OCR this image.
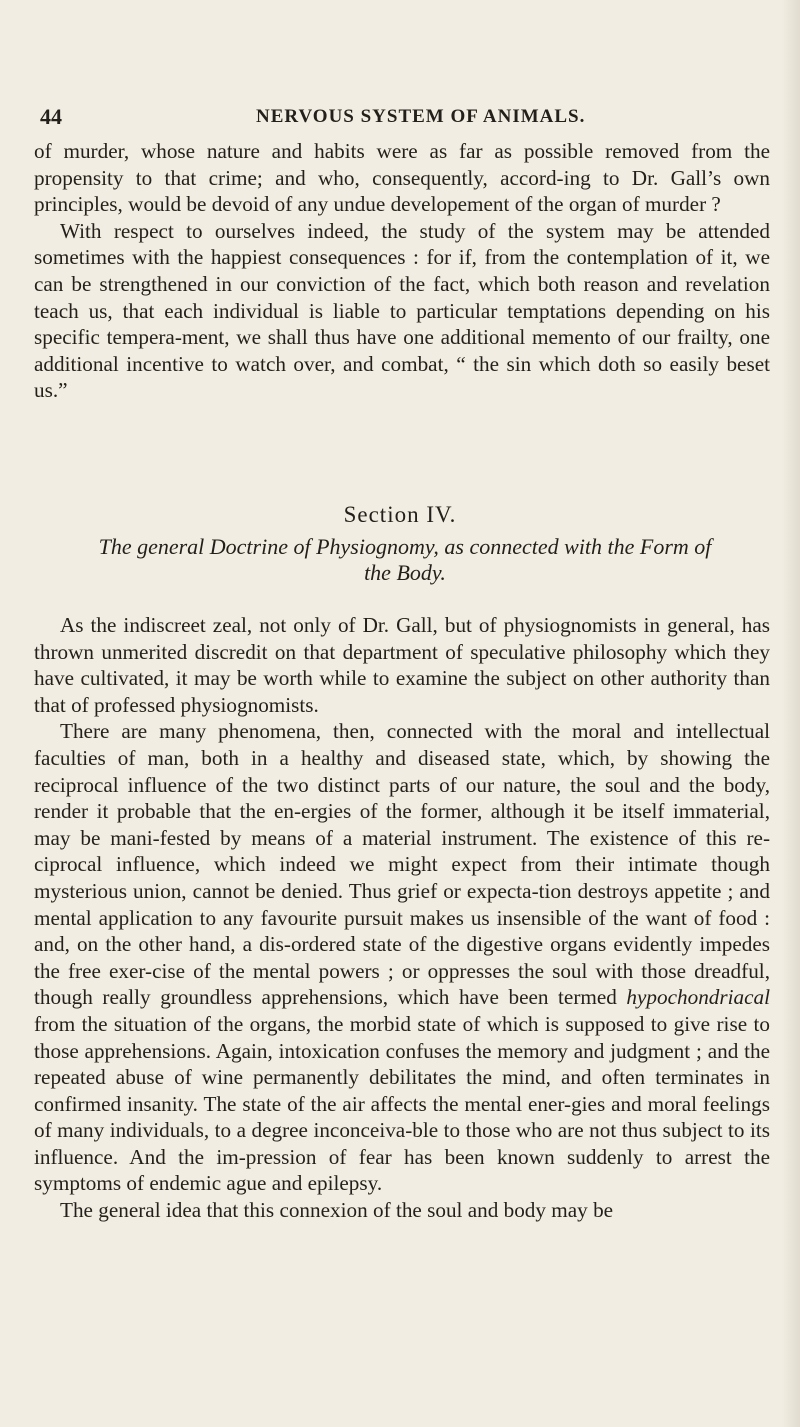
44	NERVOUS SYSTEM OF ANIMALS.

of murder, whose nature and habits were as far as possible removed from the propensity to that crime; and who, consequently, accord-ing to Dr. Gall’s own principles, would be devoid of any undue developement of the organ of murder ?

With respect to ourselves indeed, the study of the system may be attended sometimes with the happiest consequences : for if, from the contemplation of it, we can be strengthened in our conviction of the fact, which both reason and revelation teach us, that each individual is liable to particular temptations depending on his specific tempera-ment, we shall thus have one additional memento of our frailty, one additional incentive to watch over, and combat, “ the sin which doth so easily beset us.”

Section IV.
The general Doctrine of Physiognomy, as connected with the Form of
the Body.

As the indiscreet zeal, not only of Dr. Gall, but of physiognomists in general, has thrown unmerited discredit on that department of speculative philosophy which they have cultivated, it may be worth while to examine the subject on other authority than that of professed physiognomists.

There are many phenomena, then, connected with the moral and intellectual faculties of man, both in a healthy and diseased state, which, by showing the reciprocal influence of the two distinct parts of our nature, the soul and the body, render it probable that the en-ergies of the former, although it be itself immaterial, may be mani-fested by means of a material instrument. The existence of this re-ciprocal influence, which indeed we might expect from their intimate though mysterious union, cannot be denied. Thus grief or expecta-tion destroys appetite ; and mental application to any favourite pursuit makes us insensible of the want of food : and, on the other hand, a dis-ordered state of the digestive organs evidently impedes the free exer-cise of the mental powers ; or oppresses the soul with those dreadful, though really groundless apprehensions, which have been termed hypochondriacal from the situation of the organs, the morbid state of which is supposed to give rise to those apprehensions. Again, intoxication confuses the memory and judgment ; and the repeated abuse of wine permanently debilitates the mind, and often terminates in confirmed insanity. The state of the air affects the mental ener-gies and moral feelings of many individuals, to a degree inconceiva-ble to those who are not thus subject to its influence. And the im-pression of fear has been known suddenly to arrest the symptoms of endemic ague and epilepsy.

The general idea that this connexion of the soul and body may be
